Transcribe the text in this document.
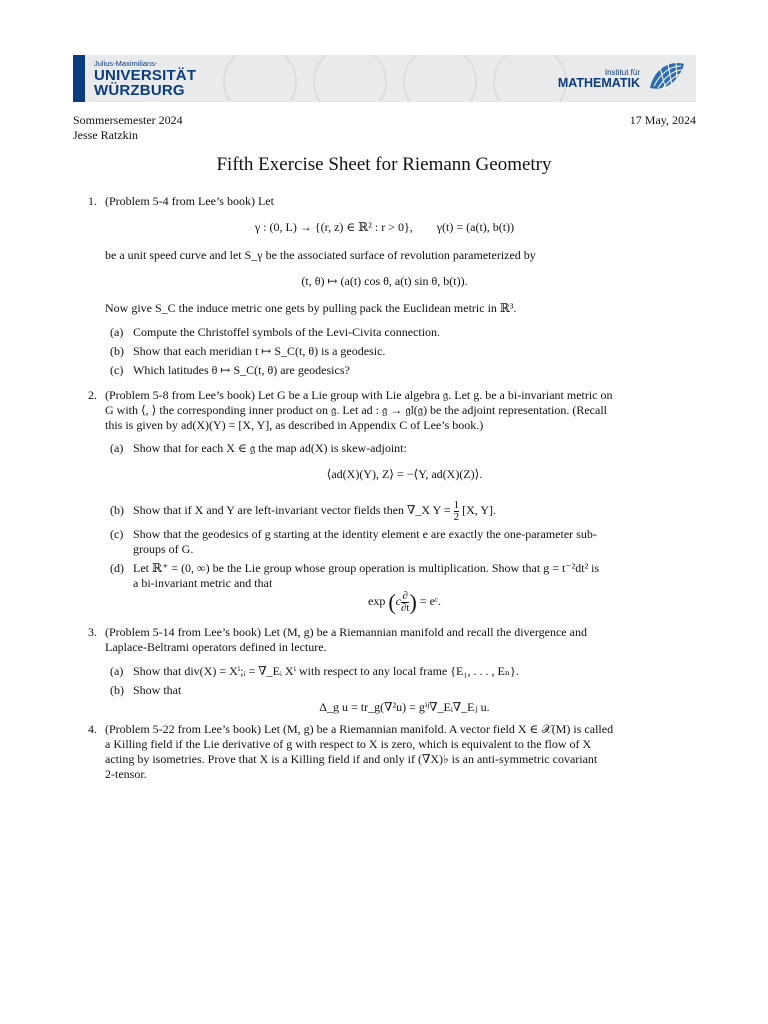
Julius-Maximilians-
UNIVERSITÄT
WÜRZBURG
Institut für
MATHEMATIK
Sommersemester 2024
Jesse Ratzkin
17 May, 2024
Fifth Exercise Sheet for Riemann Geometry
1. (Problem 5-4 from Lee’s book) Let

γ : (0, L) → {(r, z) ∈ ℝ² : r > 0},        γ(t) = (a(t), b(t))

be a unit speed curve and let S_γ be the associated surface of revolution parameterized by

(t, θ) ↦ (a(t) cos θ, a(t) sin θ, b(t)).

Now give S_C the induce metric one gets by pulling pack the Euclidean metric in ℝ³.

(a) Compute the Christoffel symbols of the Levi-Civita connection.
(b) Show that each meridian t ↦ S_C(t, θ) is a geodesic.
(c) Which latitudes θ ↦ S_C(t, θ) are geodesics?
2. (Problem 5-8 from Lee’s book) Let G be a Lie group with Lie algebra 𝔤. Let g. be a bi-invariant metric on

G with ⟨, ⟩ the corresponding inner product on 𝔤. Let ad : 𝔤 → 𝔤𝔩(𝔤) be the adjoint representation. (Recall

this is given by ad(X)(Y) = [X, Y], as described in Appendix C of Lee’s book.)

(a) Show that for each X ∈ 𝔤 the map ad(X) is skew-adjoint:
⟨ad(X)(Y), Z⟩ = −⟨Y, ad(X)(Z)⟩.
(b) Show that if X and Y are left-invariant vector fields then ∇_X $Y = \frac{1}{2} [X$, Y].
(c) Show that the geodesics of g starting at the identity element e are exactly the one-parameter sub-
groups of G.
(d) Let ℝ⁺ = (0, ∞) be the Lie group whose group operation is multiplication. Show that g = t⁻²dt² is
a bi-invariant metric and that
$\exp (c \frac{\partial}{\partial t}$ ) = eᶜ.
3. (Problem 5-14 from Lee’s book) Let (M, g) be a Riemannian manifold and recall the divergence and

Laplace-Beltrami operators defined in lecture.

(a) Show that div(X) = Xⁱ;ᵢ = ∇_Eᵢ Xⁱ with respect to any local frame {E₁, . . . , Eₙ}.
(b) Show that
Δ_g u = tr_g(∇²u) = gⁱʲ∇_Eᵢ∇_Eⱼ u.
4. (Problem 5-22 from Lee’s book) Let (M, g) be a Riemannian manifold. A vector field X ∈ 𝒳(M) is called

a Killing field if the Lie derivative of g with respect to X is zero, which is equivalent to the flow of X

acting by isometries. Prove that X is a Killing field if and only if (∇X)♭ is an anti-symmetric covariant

2-tensor.
